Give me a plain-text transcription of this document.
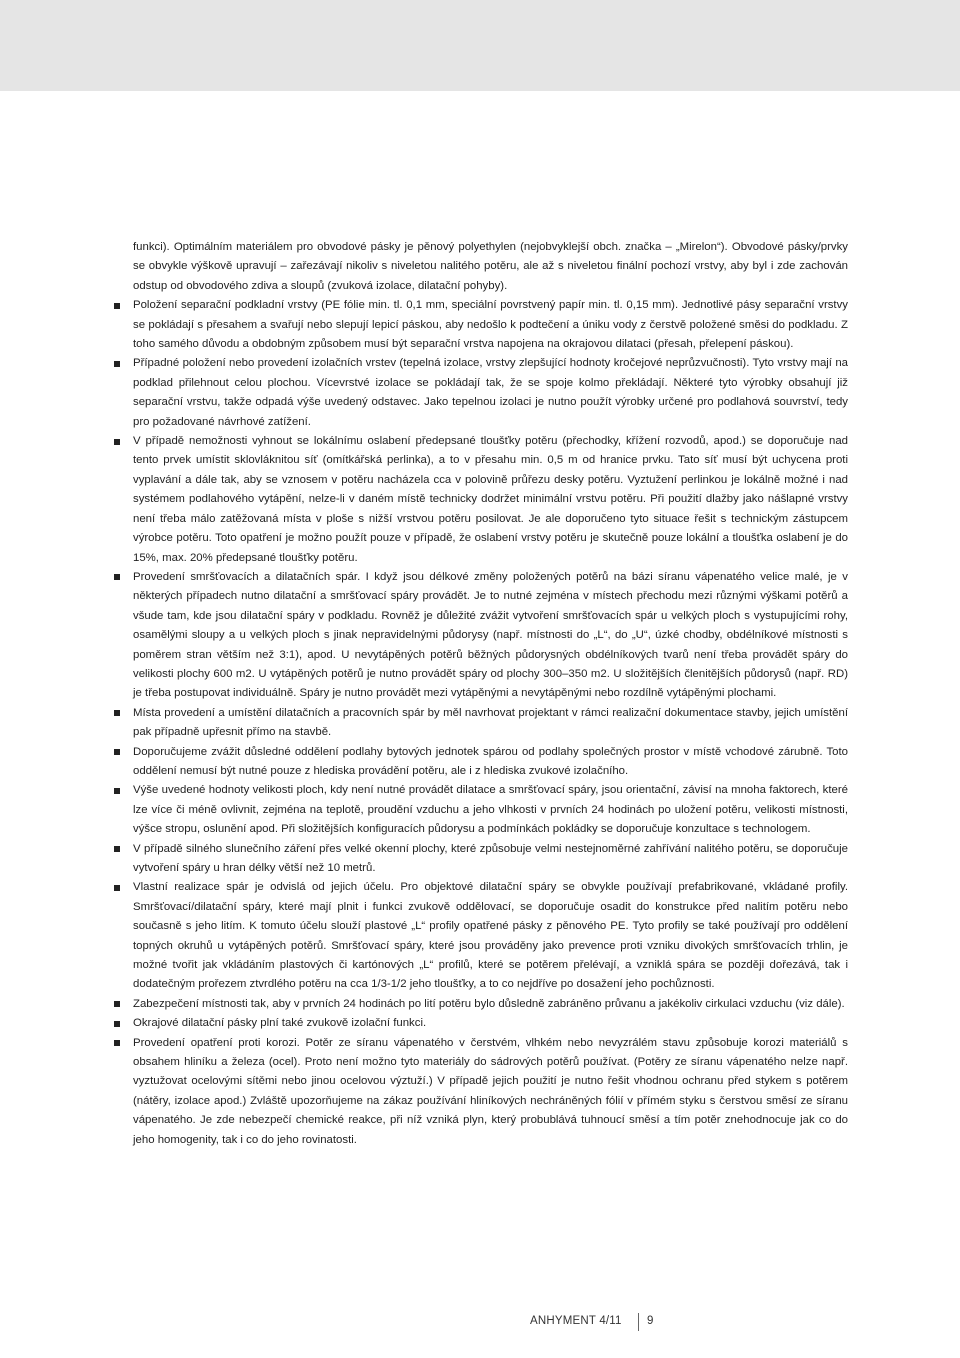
funkci). Optimálním materiálem pro obvodové pásky je pěnový polyethylen (nejobvyklejší obch. značka – „Mirelon“). Obvodové pásky/prvky se obvykle výškově upravují – zařezávají nikoliv s niveletou nalitého potěru, ale až s niveletou finální pochozí vrstvy, aby byl i zde zachován odstup od obvodového zdiva a sloupů (zvuková izolace, dilatační pohyby).

Položení separační podkladní vrstvy (PE fólie min. tl. 0,1 mm, speciální povrstvený papír min. tl. 0,15 mm). Jednotlivé pásy separační vrstvy se pokládají s přesahem a svařují nebo slepují lepicí páskou, aby nedošlo k podtečení a úniku vody z čerstvě položené směsi do podkladu. Z toho samého důvodu a obdobným způsobem musí být separační vrstva napojena na okrajovou dilataci (přesah, přelepení páskou).
Případné položení nebo provedení izolačních vrstev (tepelná izolace, vrstvy zlepšující hodnoty kročejové neprůzvučnosti). Tyto vrstvy mají na podklad přilehnout celou plochou. Vícevrstvé izolace se pokládají tak, že se spoje kolmo překládají. Některé tyto výrobky obsahují již separační vrstvu, takže odpadá výše uvedený odstavec. Jako tepelnou izolaci je nutno použít výrobky určené pro podlahová souvrství, tedy pro požadované návrhové zatížení.
V případě nemožnosti vyhnout se lokálnímu oslabení předepsané tloušťky potěru (přechodky, křížení rozvodů, apod.) se doporučuje nad tento prvek umístit sklovláknitou síť (omítkářská perlinka), a to v přesahu min. 0,5 m od hranice prvku. Tato síť musí být uchycena proti vyplavání a dále tak, aby se vznosem v potěru nacházela cca v polovině průřezu desky potěru. Vyztužení perlinkou je lokálně možné i nad systémem podlahového vytápění, nelze-li v daném místě technicky dodržet minimální vrstvu potěru. Při použití dlažby jako nášlapné vrstvy není třeba málo zatěžovaná místa v ploše s nižší vrstvou potěru posilovat. Je ale doporučeno tyto situace řešit s technickým zástupcem výrobce potěru. Toto opatření je možno použít pouze v případě, že oslabení vrstvy potěru je skutečně pouze lokální a tloušťka oslabení je do 15%, max. 20% předepsané tloušťky potěru.
Provedení smršťovacích a dilatačních spár. I když jsou délkové změny položených potěrů na bázi síranu vápenatého velice malé, je v některých případech nutno dilatační a smršťovací spáry provádět. Je to nutné zejména v místech přechodu mezi různými výškami potěrů a všude tam, kde jsou dilatační spáry v podkladu. Rovněž je důležité zvážit vytvoření smršťovacích spár u velkých ploch s vystupujícími rohy, osamělými sloupy a u velkých ploch s jinak nepravidelnými půdorysy (např. místnosti do „L“, do „U“, úzké chodby, obdélníkové místnosti s poměrem stran větším než 3:1), apod. U nevytápěných potěrů běžných půdorysných obdélníkových tvarů není třeba provádět spáry do velikosti plochy 600 m2. U vytápěných potěrů je nutno provádět spáry od plochy 300–350 m2. U složitějších členitějších půdorysů (např. RD) je třeba postupovat individuálně. Spáry je nutno provádět mezi vytápěnými a nevytápěnými nebo rozdílně vytápěnými plochami.
Místa provedení a umístění dilatačních a pracovních spár by měl navrhovat projektant v rámci realizační dokumentace stavby, jejich umístění pak případně upřesnit přímo na stavbě.
Doporučujeme zvážit důsledné oddělení podlahy bytových jednotek spárou od podlahy společných prostor v místě vchodové zárubně. Toto oddělení nemusí být nutné pouze z hlediska provádění potěru, ale i z hlediska zvukové izolačního.
Výše uvedené hodnoty velikosti ploch, kdy není nutné provádět dilatace a smršťovací spáry, jsou orientační, závisí na mnoha faktorech, které lze více či méně ovlivnit, zejména na teplotě, proudění vzduchu a jeho vlhkosti v prvních 24 hodinách po uložení potěru, velikosti místnosti, výšce stropu, oslunění apod. Při složitějších konfiguracích půdorysu a podmínkách pokládky se doporučuje konzultace s technologem.
V případě silného slunečního záření přes velké okenní plochy, které způsobuje velmi nestejnoměrné zahřívání nalitého potěru, se doporučuje vytvoření spáry u hran délky větší než 10 metrů.
Vlastní realizace spár je odvislá od jejich účelu. Pro objektové dilatační spáry se obvykle používají prefabrikované, vkládané profily. Smršťovací/dilatační spáry, které mají plnit i funkci zvukově oddělovací, se doporučuje osadit do konstrukce před nalitím potěru nebo současně s jeho litím. K tomuto účelu slouží plastové „L“ profily opatřené pásky z pěnového PE. Tyto profily se také používají pro oddělení topných okruhů u vytápěných potěrů. Smršťovací spáry, které jsou prováděny jako prevence proti vzniku divokých smršťovacích trhlin, je možné tvořit jak vkládáním plastových či kartónových „L“ profilů, které se potěrem přelévají, a vzniklá spára se později dořezává, tak i dodatečným prořezem ztvrdlého potěru na cca 1/3-1/2 jeho tloušťky, a to co nejdříve po dosažení jeho pochůznosti.
Zabezpečení místnosti tak, aby v prvních 24 hodinách po lití potěru bylo důsledně zabráněno průvanu a jakékoliv cirkulaci vzduchu (viz dále).
Okrajové dilatační pásky plní také zvukově izolační funkci.
Provedení opatření proti korozi. Potěr ze síranu vápenatého v čerstvém, vlhkém nebo nevyzrálém stavu způsobuje korozi materiálů s obsahem hliníku a železa (ocel). Proto není možno tyto materiály do sádrových potěrů používat. (Potěry ze síranu vápenatého nelze např. vyztužovat ocelovými sítěmi nebo jinou ocelovou výztuží.) V případě jejich použití je nutno řešit vhodnou ochranu před stykem s potěrem (nátěry, izolace apod.) Zvláště upozorňujeme na zákaz používání hliníkových nechráněných fólií v přímém styku s čerstvou směsí ze síranu vápenatého. Je zde nebezpečí chemické reakce, při níž vzniká plyn, který probublává tuhnoucí směsí a tím potěr znehodnocuje jak co do jeho homogenity, tak i co do jeho rovinatosti.
ANHYMENT 4/11 9
